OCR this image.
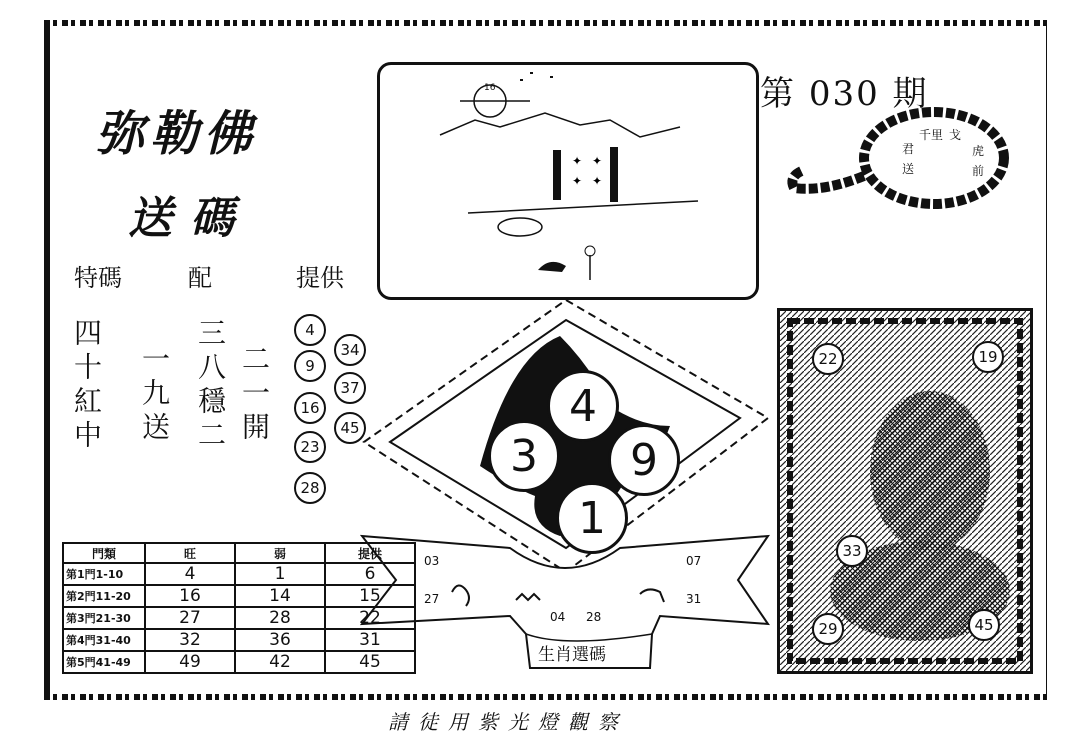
弥勒佛
送碼
特碼	配	提供
四十紅中 一九送 三八穩二 二一開
4
9
16
23
28
34
37
45
✦ ✦
✦ ✦
16	第 030 期
千里 戈
君	虎
送	前
4
3	9
1
22	19
33
29	45
03
27
04 28
07
31
生肖選碼
門類	旺	弱	提供
第1門1-10	4	1	6
第2門11-20	16	14	15
第3門21-30	27	28	22
第4門31-40	32	36	31
第5門41-49	49	42	45
請徒用紫光燈觀察
